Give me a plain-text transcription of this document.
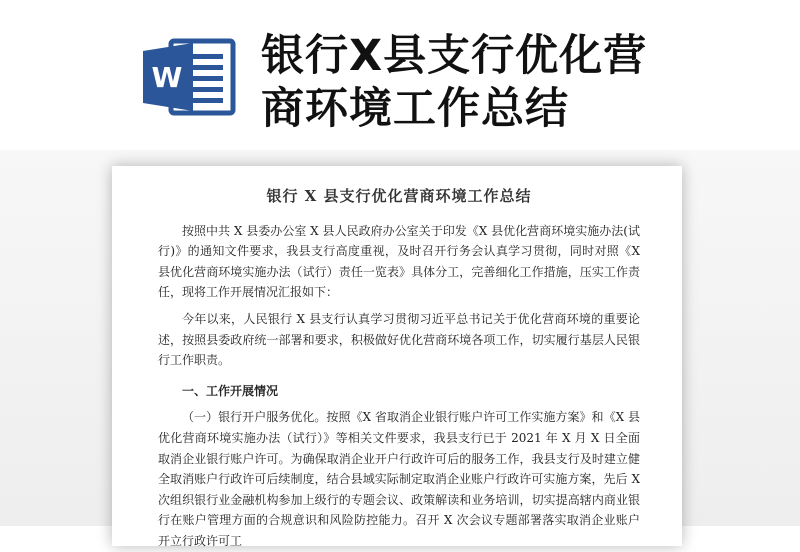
W 银行X县支行优化营
商环境工作总结
银行 X 县支行优化营商环境工作总结

按照中共 X 县委办公室 X 县人民政府办公室关于印发《X 县优化营商环境实施办法(试行)》的通知文件要求，我县支行高度重视，及时召开行务会认真学习贯彻，同时对照《X 县优化营商环境实施办法（试行）责任一览表》具体分工，完善细化工作措施，压实工作责任，现将工作开展情况汇报如下：

今年以来，人民银行 X 县支行认真学习贯彻习近平总书记关于优化营商环境的重要论述，按照县委政府统一部署和要求，积极做好优化营商环境各项工作，切实履行基层人民银行工作职责。

一、工作开展情况

（一）银行开户服务优化。按照《X 省取消企业银行账户许可工作实施方案》和《X 县优化营商环境实施办法（试行）》等相关文件要求，我县支行已于 2021 年 X 月 X 日全面取消企业银行账户许可。为确保取消企业开户行政许可后的服务工作，我县支行及时建立健全取消账户行政许可后续制度，结合县域实际制定取消企业账户行政许可实施方案，先后 X 次组织银行业金融机构参加上级行的专题会议、政策解读和业务培训，切实提高辖内商业银行在账户管理方面的合规意识和风险防控能力。召开 X 次会议专题部署落实取消企业账户开立行政许可工
